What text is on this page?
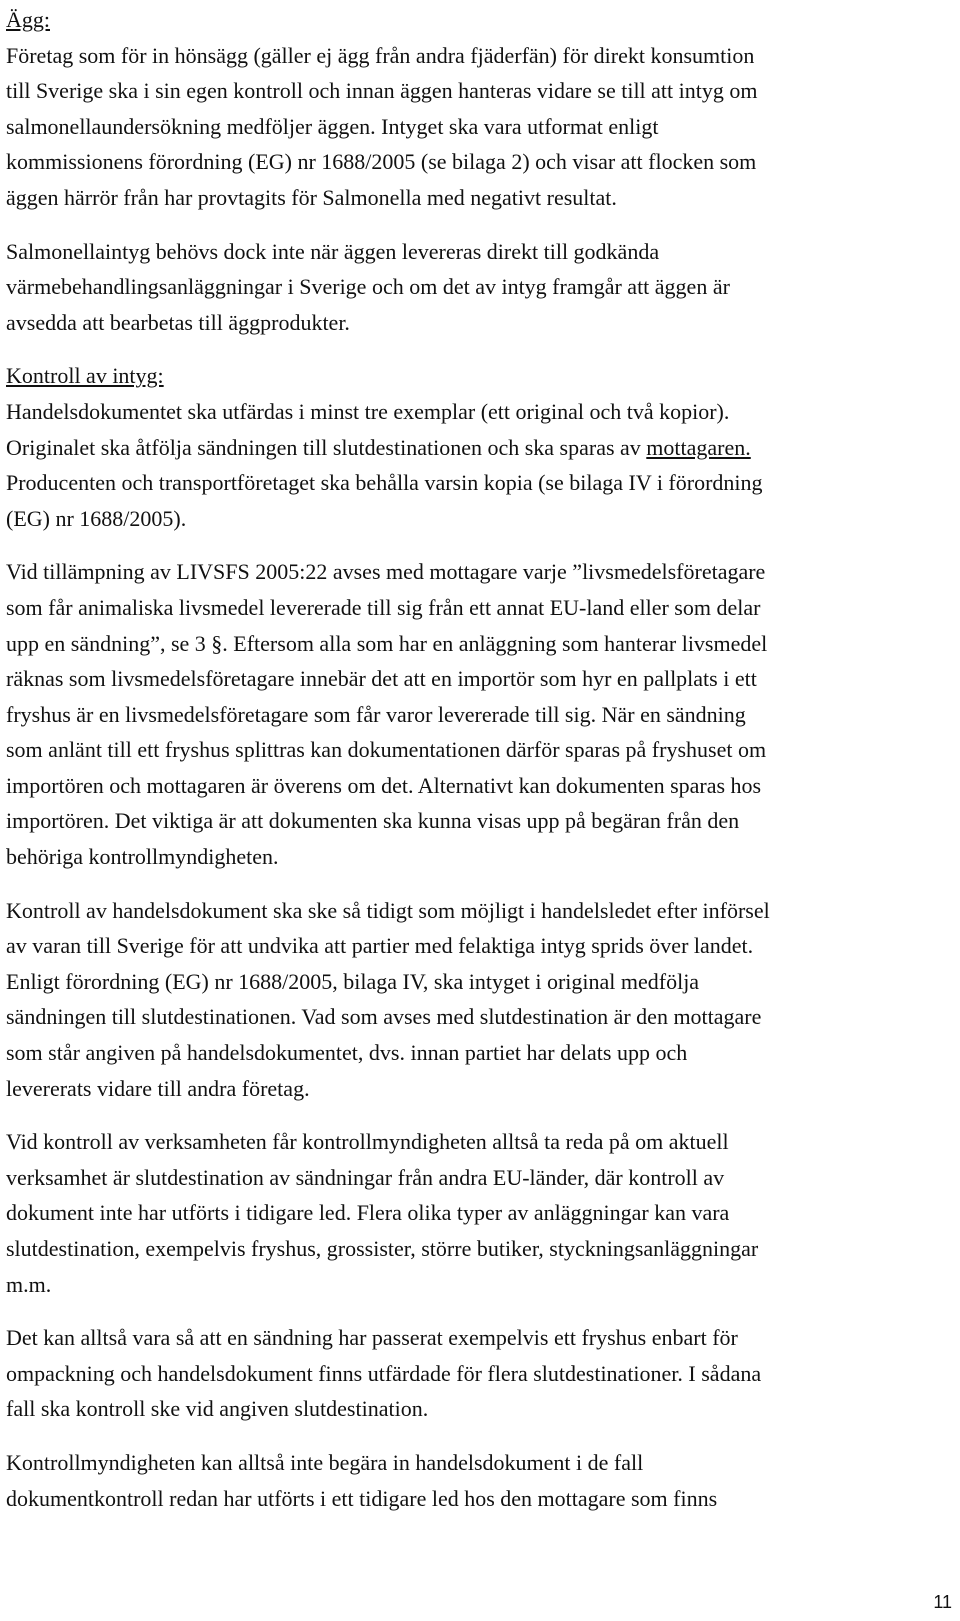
Ägg:

Företag som för in hönsägg (gäller ej ägg från andra fjäderfän) för direkt konsumtion
till Sverige ska i sin egen kontroll och innan äggen hanteras vidare se till att intyg om
salmonellaundersökning medföljer äggen. Intyget ska vara utformat enligt
kommissionens förordning (EG) nr 1688/2005 (se bilaga 2) och visar att flocken som
äggen härrör från har provtagits för Salmonella med negativt resultat.

Salmonellaintyg behövs dock inte när äggen levereras direkt till godkända
värmebehandlingsanläggningar i Sverige och om det av intyg framgår att äggen är
avsedda att bearbetas till äggprodukter.

Kontroll av intyg:

Handelsdokumentet ska utfärdas i minst tre exemplar (ett original och två kopior).
Originalet ska åtfölja sändningen till slutdestinationen och ska sparas av mottagaren.
Producenten och transportföretaget ska behålla varsin kopia (se bilaga IV i förordning
(EG) nr 1688/2005).

Vid tillämpning av LIVSFS 2005:22 avses med mottagare varje ”livsmedelsföretagare
som får animaliska livsmedel levererade till sig från ett annat EU-land eller som delar
upp en sändning”, se 3 §. Eftersom alla som har en anläggning som hanterar livsmedel
räknas som livsmedelsföretagare innebär det att en importör som hyr en pallplats i ett
fryshus är en livsmedelsföretagare som får varor levererade till sig. När en sändning
som anlänt till ett fryshus splittras kan dokumentationen därför sparas på fryshuset om
importören och mottagaren är överens om det. Alternativt kan dokumenten sparas hos
importören. Det viktiga är att dokumenten ska kunna visas upp på begäran från den
behöriga kontrollmyndigheten.

Kontroll av handelsdokument ska ske så tidigt som möjligt i handelsledet efter införsel
av varan till Sverige för att undvika att partier med felaktiga intyg sprids över landet.
Enligt förordning (EG) nr 1688/2005, bilaga IV, ska intyget i original medfölja
sändningen till slutdestinationen. Vad som avses med slutdestination är den mottagare
som står angiven på handelsdokumentet, dvs. innan partiet har delats upp och
levererats vidare till andra företag.

Vid kontroll av verksamheten får kontrollmyndigheten alltså ta reda på om aktuell
verksamhet är slutdestination av sändningar från andra EU-länder, där kontroll av
dokument inte har utförts i tidigare led. Flera olika typer av anläggningar kan vara
slutdestination, exempelvis fryshus, grossister, större butiker, styckningsanläggningar
m.m.

Det kan alltså vara så att en sändning har passerat exempelvis ett fryshus enbart för
ompackning och handelsdokument finns utfärdade för flera slutdestinationer. I sådana
fall ska kontroll ske vid angiven slutdestination.

Kontrollmyndigheten kan alltså inte begära in handelsdokument i de fall
dokumentkontroll redan har utförts i ett tidigare led hos den mottagare som finns

11
